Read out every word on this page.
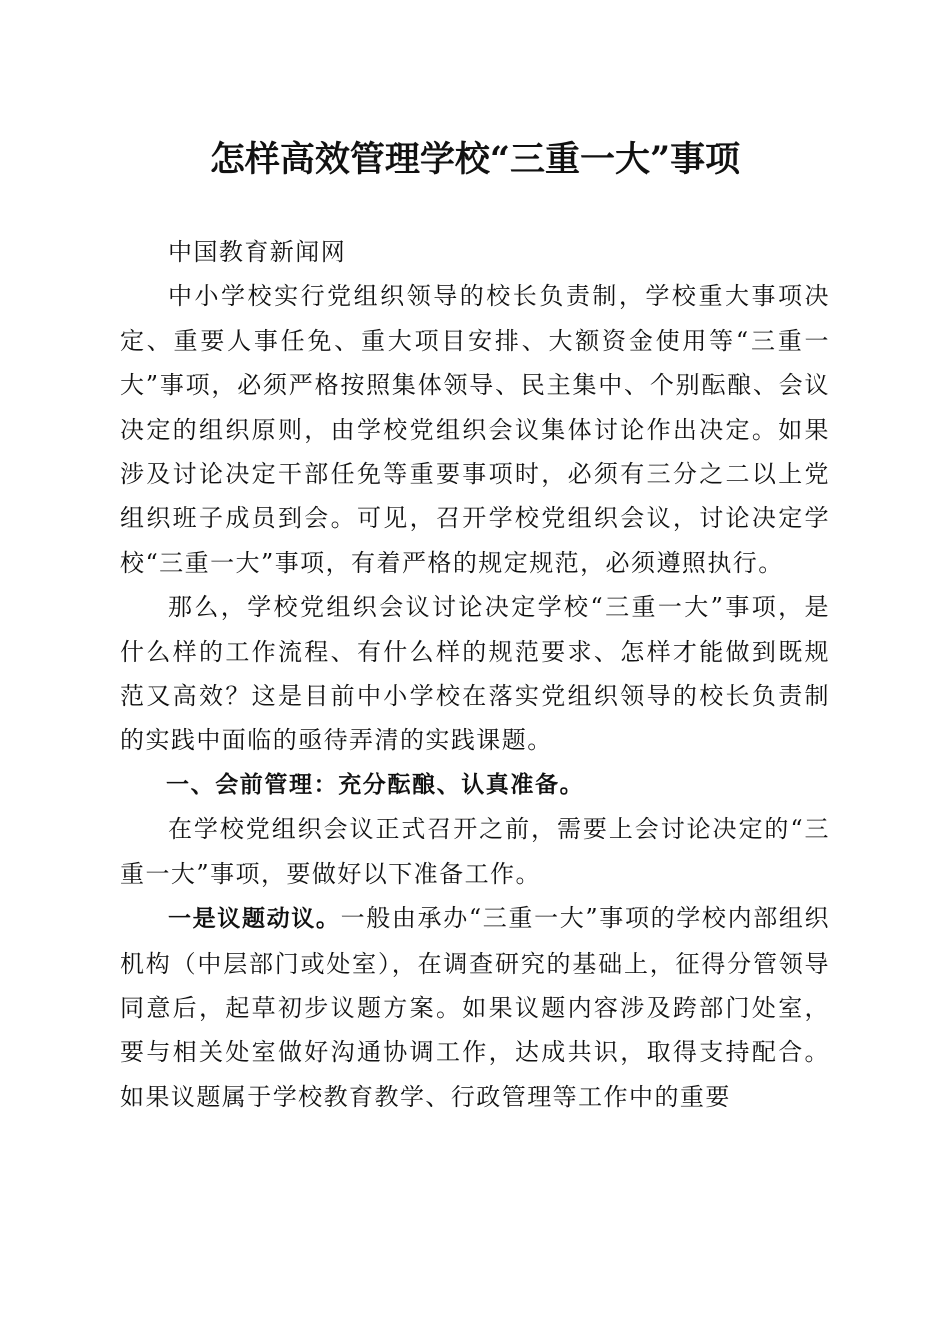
怎样高效管理学校“三重一大”事项

中国教育新闻网

中小学校实行党组织领导的校长负责制，学校重大事项决定、重要人事任免、重大项目安排、大额资金使用等“三重一大”事项，必须严格按照集体领导、民主集中、个别酝酿、会议决定的组织原则，由学校党组织会议集体讨论作出决定。如果涉及讨论决定干部任免等重要事项时，必须有三分之二以上党组织班子成员到会。可见，召开学校党组织会议，讨论决定学校“三重一大”事项，有着严格的规定规范，必须遵照执行。

那么，学校党组织会议讨论决定学校“三重一大”事项，是什么样的工作流程、有什么样的规范要求、怎样才能做到既规范又高效？这是目前中小学校在落实党组织领导的校长负责制的实践中面临的亟待弄清的实践课题。

一、会前管理：充分酝酿、认真准备。

在学校党组织会议正式召开之前，需要上会讨论决定的“三重一大”事项，要做好以下准备工作。

一是议题动议。一般由承办“三重一大”事项的学校内部组织机构（中层部门或处室），在调查研究的基础上，征得分管领导同意后，起草初步议题方案。如果议题内容涉及跨部门处室，要与相关处室做好沟通协调工作，达成共识，取得支持配合。如果议题属于学校教育教学、行政管理等工作中的重要
